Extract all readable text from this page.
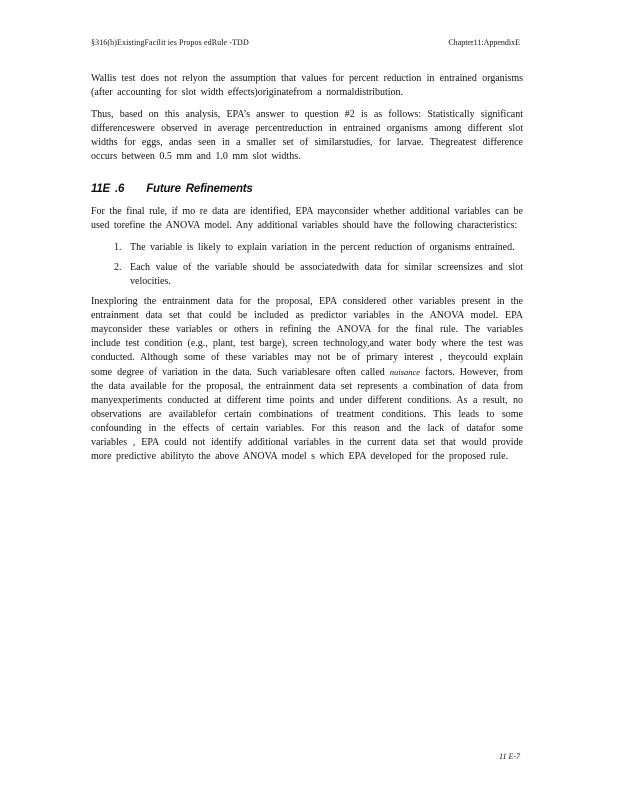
§316(b)ExistingFacilit ies Propos edRule -TDD	Chapter11:AppendixE

Wallis test does not relyon the assumption that values for percent reduction in entrained organisms (after accounting for slot width effects)originatefrom a normaldistribution.

Thus, based on this analysis, EPA’s answer to question #2 is as follows: Statistically significant differenceswere observed in average percentreduction in entrained organisms among different slot widths for eggs, andas seen in a smaller set of similarstudies, for larvae. Thegreatest difference occurs between 0.5 mm and 1.0 mm slot widths.

11E .6 Future Refinements

For the final rule, if mo re data are identified, EPA mayconsider whether additional variables can be used torefine the ANOVA model. Any additional variables should have the following characteristics:

1. The variable is likely to explain variation in the percent reduction of organisms entrained.
2. Each value of the variable should be associatedwith data for similar screensizes and slot velocities.

Inexploring the entrainment data for the proposal, EPA considered other variables present in the entrainment data set that could be included as predictor variables in the ANOVA model. EPA mayconsider these variables or others in refining the ANOVA for the final rule. The variables include test condition (e.g., plant, test barge), screen technology,and water body where the test was conducted. Although some of these variables may not be of primary interest , theycould explain some degree of variation in the data. Such variablesare often called nuisance factors. However, from the data available for the proposal, the entrainment data set represents a combination of data from manyexperiments conducted at different time points and under different conditions. As a result, no observations are availablefor certain combinations of treatment conditions. This leads to some confounding in the effects of certain variables. For this reason and the lack of datafor some variables , EPA could not identify additional variables in the current data set that would provide more predictive abilityto the above ANOVA model s which EPA developed for the proposed rule.

11 E-7
